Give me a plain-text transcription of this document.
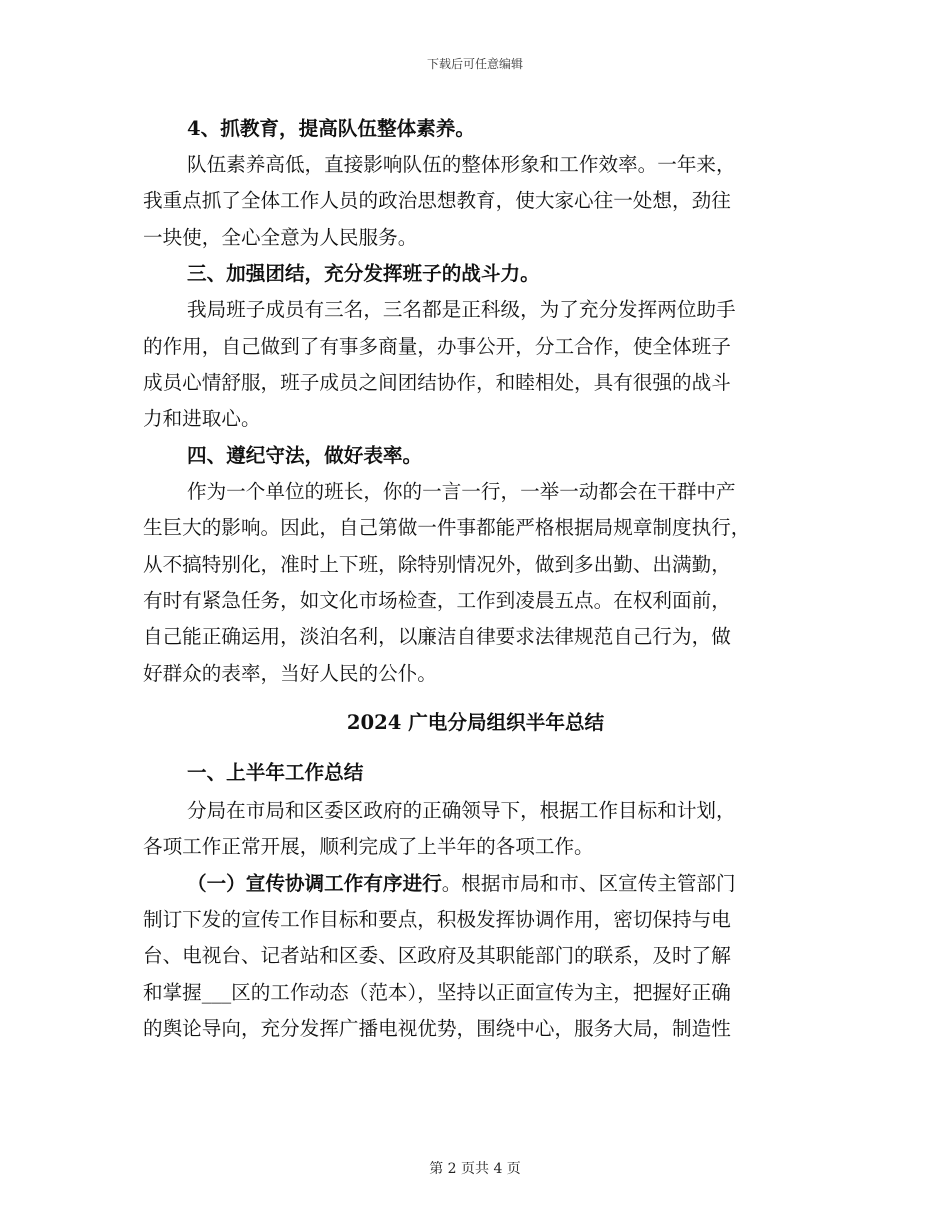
下载后可任意编辑
4、抓教育，提高队伍整体素养。
队伍素养高低，直接影响队伍的整体形象和工作效率。一年来，
我重点抓了全体工作人员的政治思想教育，使大家心往一处想，劲往
一块使，全心全意为人民服务。
三、加强团结，充分发挥班子的战斗力。
我局班子成员有三名，三名都是正科级，为了充分发挥两位助手
的作用，自己做到了有事多商量，办事公开，分工合作，使全体班子
成员心情舒服，班子成员之间团结协作，和睦相处，具有很强的战斗
力和进取心。
四、遵纪守法，做好表率。
作为一个单位的班长，你的一言一行，一举一动都会在干群中产
生巨大的影响。因此，自己第做一件事都能严格根据局规章制度执行，
从不搞特别化，准时上下班，除特别情况外，做到多出勤、出满勤，
有时有紧急任务，如文化市场检查，工作到凌晨五点。在权利面前，
自己能正确运用，淡泊名利，以廉洁自律要求法律规范自己行为，做
好群众的表率，当好人民的公仆。
2024 广电分局组织半年总结
一、上半年工作总结
分局在市局和区委区政府的正确领导下，根据工作目标和计划，
各项工作正常开展，顺利完成了上半年的各项工作。
（一）宣传协调工作有序进行。根据市局和市、区宣传主管部门
制订下发的宣传工作目标和要点，积极发挥协调作用，密切保持与电
台、电视台、记者站和区委、区政府及其职能部门的联系，及时了解
和掌握___区的工作动态（范本），坚持以正面宣传为主，把握好正确
的舆论导向，充分发挥广播电视优势，围绕中心，服务大局，制造性
第 2 页共 4 页
